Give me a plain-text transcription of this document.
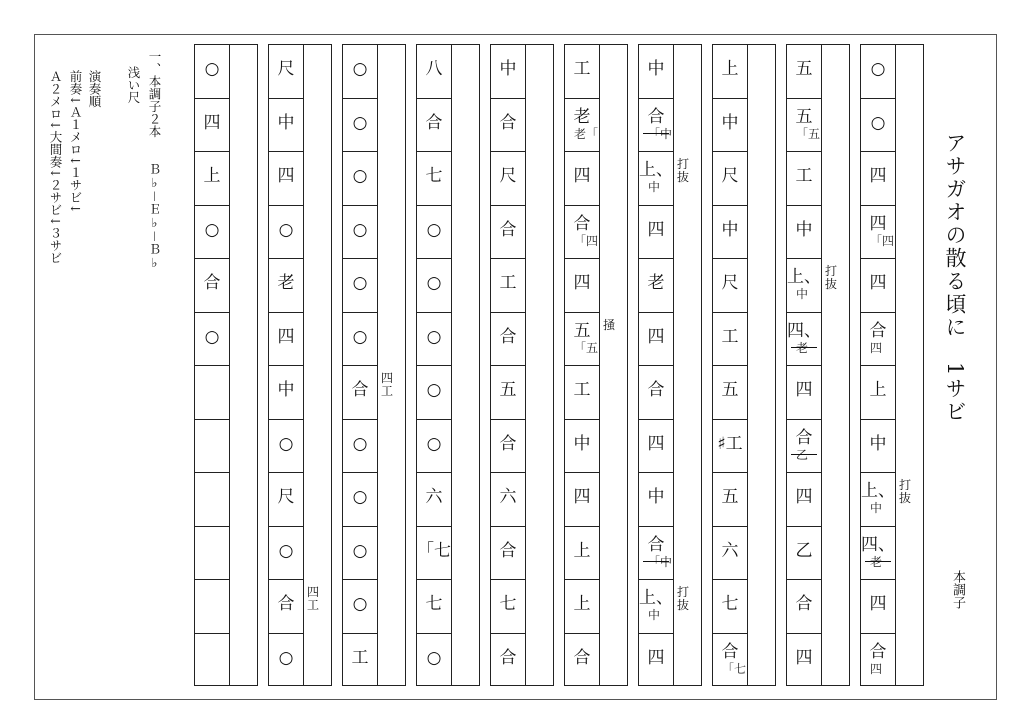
アサガオの散る頃に　1サビ
本調子
一、本調子２本　　Ｂ♭－Ｅ♭－Ｂ♭
浅い尺
演奏順
前奏↓Ａ１メロ↓１サビ↓
Ａ２メロ↓大間奏↓２サビ↓３サビ
○
○
四
四
「四
四
合
四
上
中
上、
中
打
抜
四、
老
四
合
四
五
五
「五
工
中
上、
中
打
抜
四、
老
四
合
乙
四
乙
合
四
上
中
尺
中
尺
工
五
♯工
五
六
七
合
「七
中
合
「中
上、
中
打
抜
四
老
四
合
四
中
合
「中
上、
中
打
抜
四
工
老
老「
四
合
「四
四
五
「五
掻
工
中
四
上
上
合
中
合
尺
合
工
合
五
合
六
合
七
合
八
合
七
○
○
○
○
○
六
「七
七
○
○
○
○
○
○
○
合
四
工
○
○
○
○
工
尺
中
四
○
老
四
中
○
尺
○
合
四
工
○
○
四
上
○
合
○
